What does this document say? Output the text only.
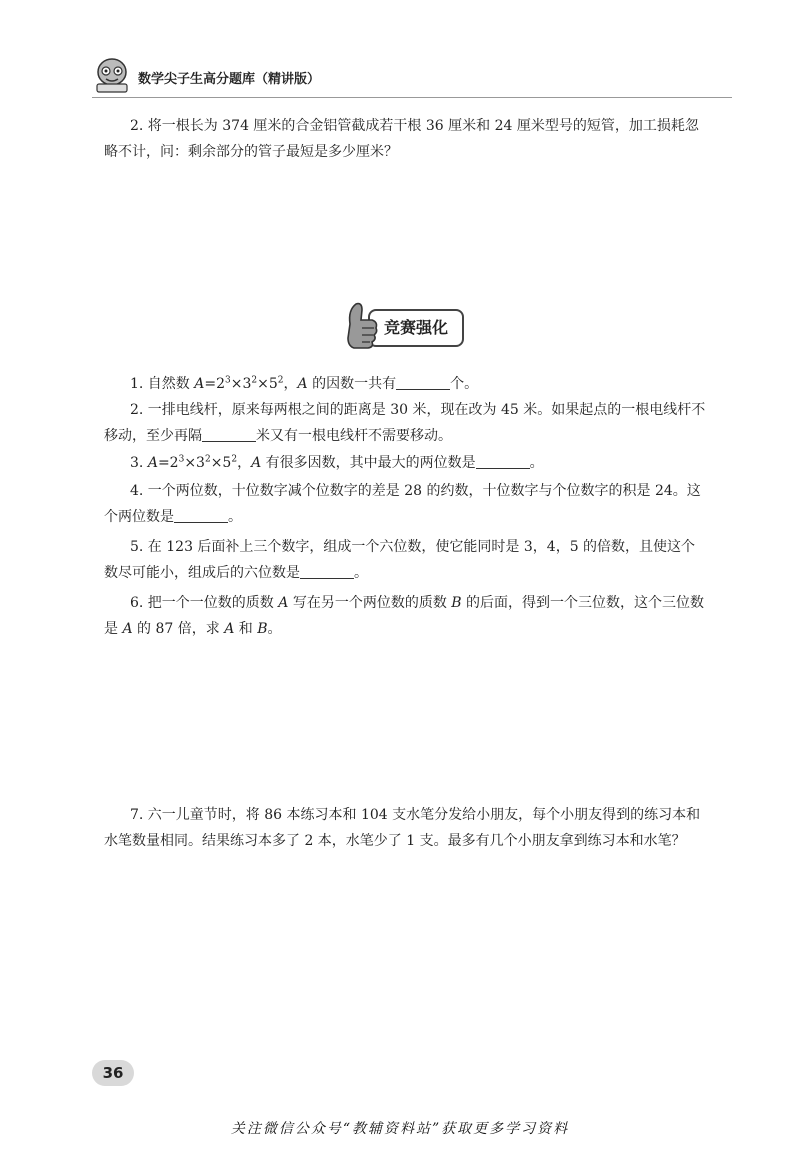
数学尖子生高分题库（精讲版）
2. 将一根长为 374 厘米的合金铝管截成若干根 36 厘米和 24 厘米型号的短管，加工损耗忽略不计，问：剩余部分的管子最短是多少厘米？
竞赛强化
1. 自然数 $A=2^3\times 3^2\times 5^2$，A 的因数一共有	个。
2. 一排电线杆，原来每两根之间的距离是 30 米，现在改为 45 米。如果起点的一根电线杆不移动，至少再隔	米又有一根电线杆不需要移动。
3. $A=2^3\times 3^2\times 5^2$，A 有很多因数，其中最大的两位数是	。
4. 一个两位数，十位数字减个位数字的差是 28 的约数，十位数字与个位数字的积是 24。这个两位数是	。
5. 在 123 后面补上三个数字，组成一个六位数，使它能同时是 3，4，5 的倍数，且使这个数尽可能小，组成后的六位数是	。
6. 把一个一位数的质数 A 写在另一个两位数的质数 B 的后面，得到一个三位数，这个三位数是 A 的 87 倍，求 A 和 B。
7. 六一儿童节时，将 86 本练习本和 104 支水笔分发给小朋友，每个小朋友得到的练习本和水笔数量相同。结果练习本多了 2 本，水笔少了 1 支。最多有几个小朋友拿到练习本和水笔？
36
关注微信公众号“教辅资料站”获取更多学习资料
